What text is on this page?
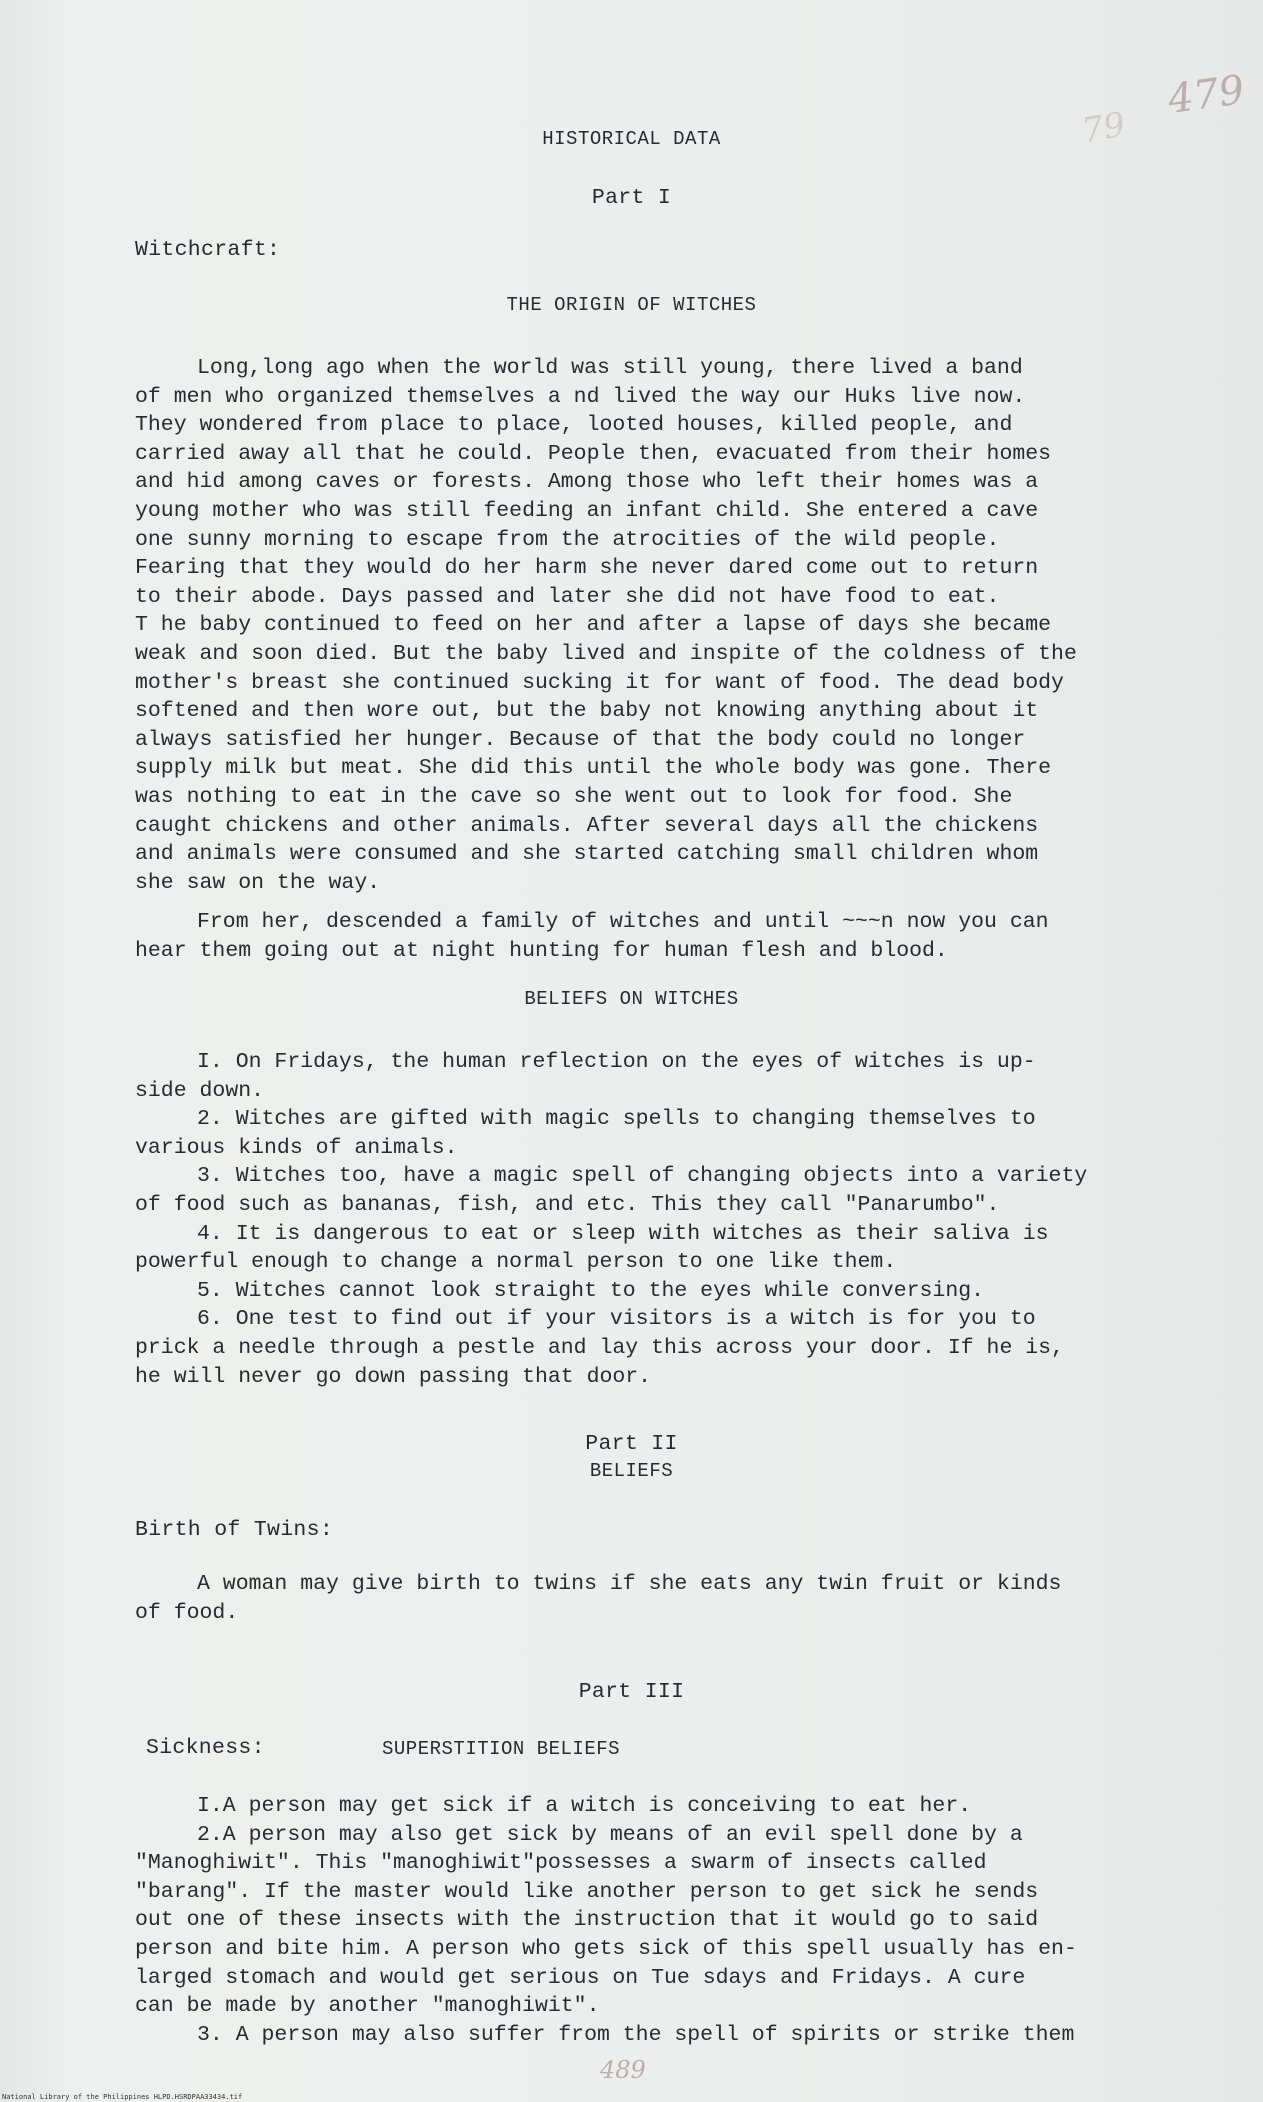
479
79
HISTORICAL DATA
Part I
Witchcraft:
THE ORIGIN OF WITCHES
Long,long ago when the world was still young, there lived a band
of men who organized themselves a nd lived the way our Huks live now.
They wondered from place to place, looted houses, killed people, and
carried away all that he could. People then, evacuated from their homes
and hid among caves or forests. Among those who left their homes was a
young mother who was still feeding an infant child. She entered a cave
one sunny morning to escape from the atrocities of the wild people.
Fearing that they would do her harm she never dared come out to return
to their abode. Days passed and later she did not have food to eat.
T he baby continued to feed on her and after a lapse of days she became
weak and soon died. But the baby lived and inspite of the coldness of the
mother's breast she continued sucking it for want of food. The dead body
softened and then wore out, but the baby not knowing anything about it
always satisfied her hunger. Because of that the body could no longer
supply milk but meat. She did this until the whole body was gone. There
was nothing to eat in the cave so she went out to look for food. She
caught chickens and other animals. After several days all the chickens
and animals were consumed and she started catching small children whom
she saw on the way.
From her, descended a family of witches and until ~~~n now you can
hear them going out at night hunting for human flesh and blood.
BELIEFS ON WITCHES
I. On Fridays, the human reflection on the eyes of witches is up-
side down.
2. Witches are gifted with magic spells to changing themselves to
various kinds of animals.
3. Witches too, have a magic spell of changing objects into a variety
of food such as bananas, fish, and etc. This they call "Panarumbo".
4. It is dangerous to eat or sleep with witches as their saliva is
powerful enough to change a normal person to one like them.
5. Witches cannot look straight to the eyes while conversing.
6. One test to find out if your visitors is a witch is for you to
prick a needle through a pestle and lay this across your door. If he is,
he will never go down passing that door.
Part II
BELIEFS
Birth of Twins:
A woman may give birth to twins if she eats any twin fruit or kinds
of food.
Part III
Sickness:	SUPERSTITION BELIEFS
I.A person may get sick if a witch is conceiving to eat her.
2.A person may also get sick by means of an evil spell done by a
"Manoghiwit". This "manoghiwit"possesses a swarm of insects called
"barang". If the master would like another person to get sick he sends
out one of these insects with the instruction that it would go to said
person and bite him. A person who gets sick of this spell usually has en-
larged stomach and would get serious on Tue sdays and Fridays. A cure
can be made by another "manoghiwit".
3. A person may also suffer from the spell of spirits or strike them
489
National Library of the Philippines HLPD.HSRDPAA33434.tif
